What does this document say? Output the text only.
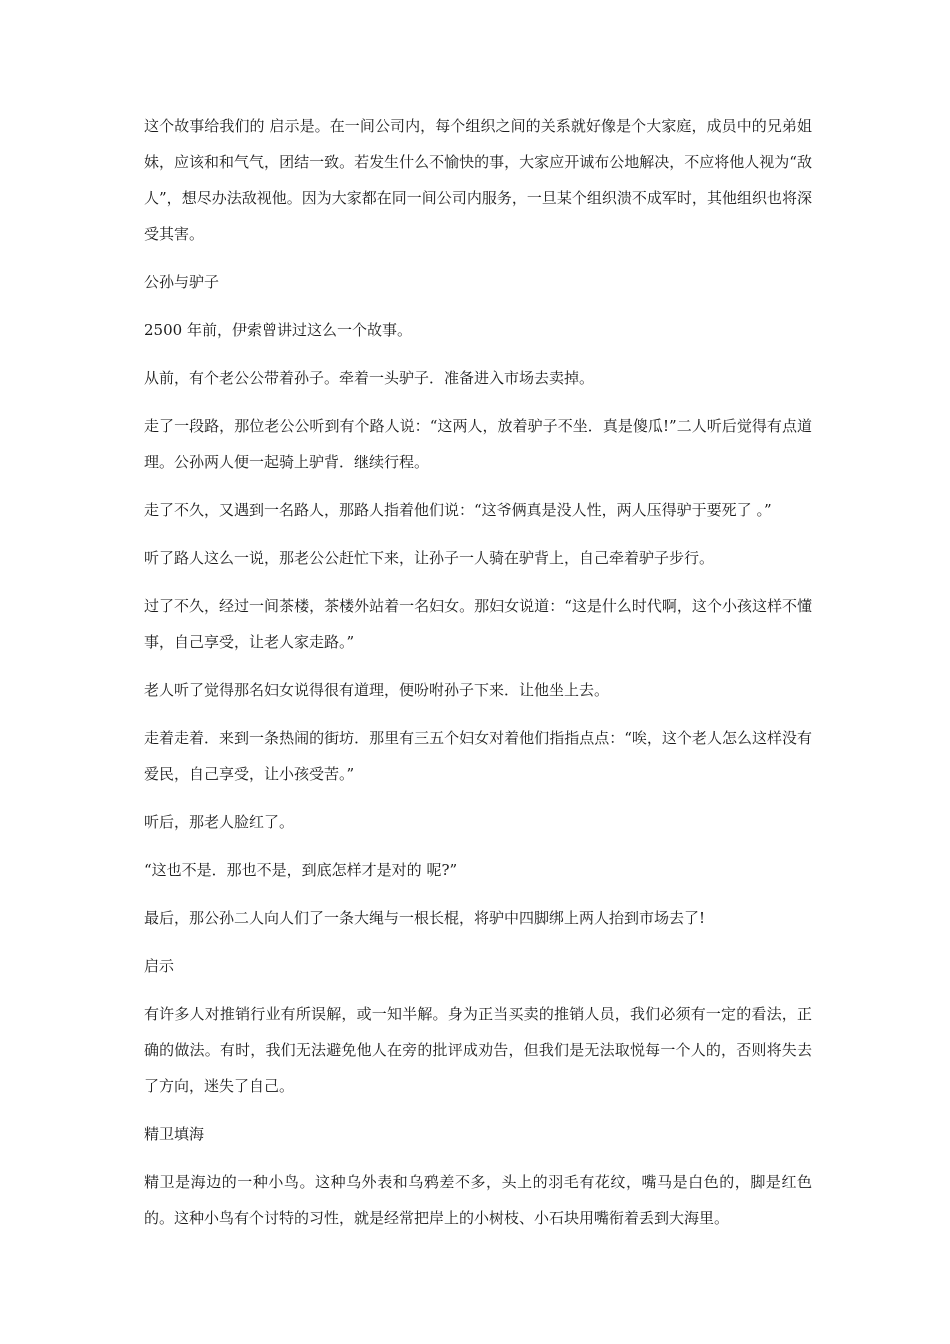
这个故事给我们的 启示是。在一间公司内，每个组织之间的关系就好像是个大家庭，成员中的兄弟姐妹，应该和和气气，团结一致。若发生什么不愉快的事，大家应开诚布公地解决，不应将他人视为“敌人”，想尽办法敌视他。因为大家都在同一间公司内服务，一旦某个组织溃不成军时，其他组织也将深受其害。

公孙与驴子

2500 年前，伊索曾讲过这么一个故事。

从前，有个老公公带着孙子。牵着一头驴子．准备进入市场去卖掉。

走了一段路，那位老公公听到有个路人说：“这两人，放着驴子不坐．真是傻瓜!”二人听后觉得有点道理。公孙两人便一起骑上驴背．继续行程。

走了不久，又遇到一名路人，那路人指着他们说：“这爷俩真是没人性，两人压得驴于要死了 。”

听了路人这么一说，那老公公赶忙下来，让孙子一人骑在驴背上，自己牵着驴子步行。

过了不久，经过一间茶楼，茶楼外站着一名妇女。那妇女说道：“这是什么时代啊，这个小孩这样不懂事，自己享受，让老人家走路。”

老人听了觉得那名妇女说得很有道理，便吩咐孙子下来．让他坐上去。

走着走着．来到一条热闹的街坊．那里有三五个妇女对着他们指指点点：“唉，这个老人怎么这样没有爱民，自己享受，让小孩受苦。”

听后，那老人脸红了。

“这也不是．那也不是，到底怎样才是对的 呢?”

最后，那公孙二人向人们了一条大绳与一根长棍，将驴中四脚绑上两人抬到市场去了!

启示

有许多人对推销行业有所误解，或一知半解。身为正当买卖的推销人员，我们必须有一定的看法，正确的做法。有时，我们无法避免他人在旁的批评成劝告，但我们是无法取悦每一个人的，否则将失去了方向，迷失了自己。

精卫填海

精卫是海边的一种小鸟。这种乌外表和乌鸦差不多，头上的羽毛有花纹，嘴马是白色的，脚是红色的。这种小鸟有个讨特的习性，就是经常把岸上的小树枝、小石块用嘴衔着丢到大海里。
